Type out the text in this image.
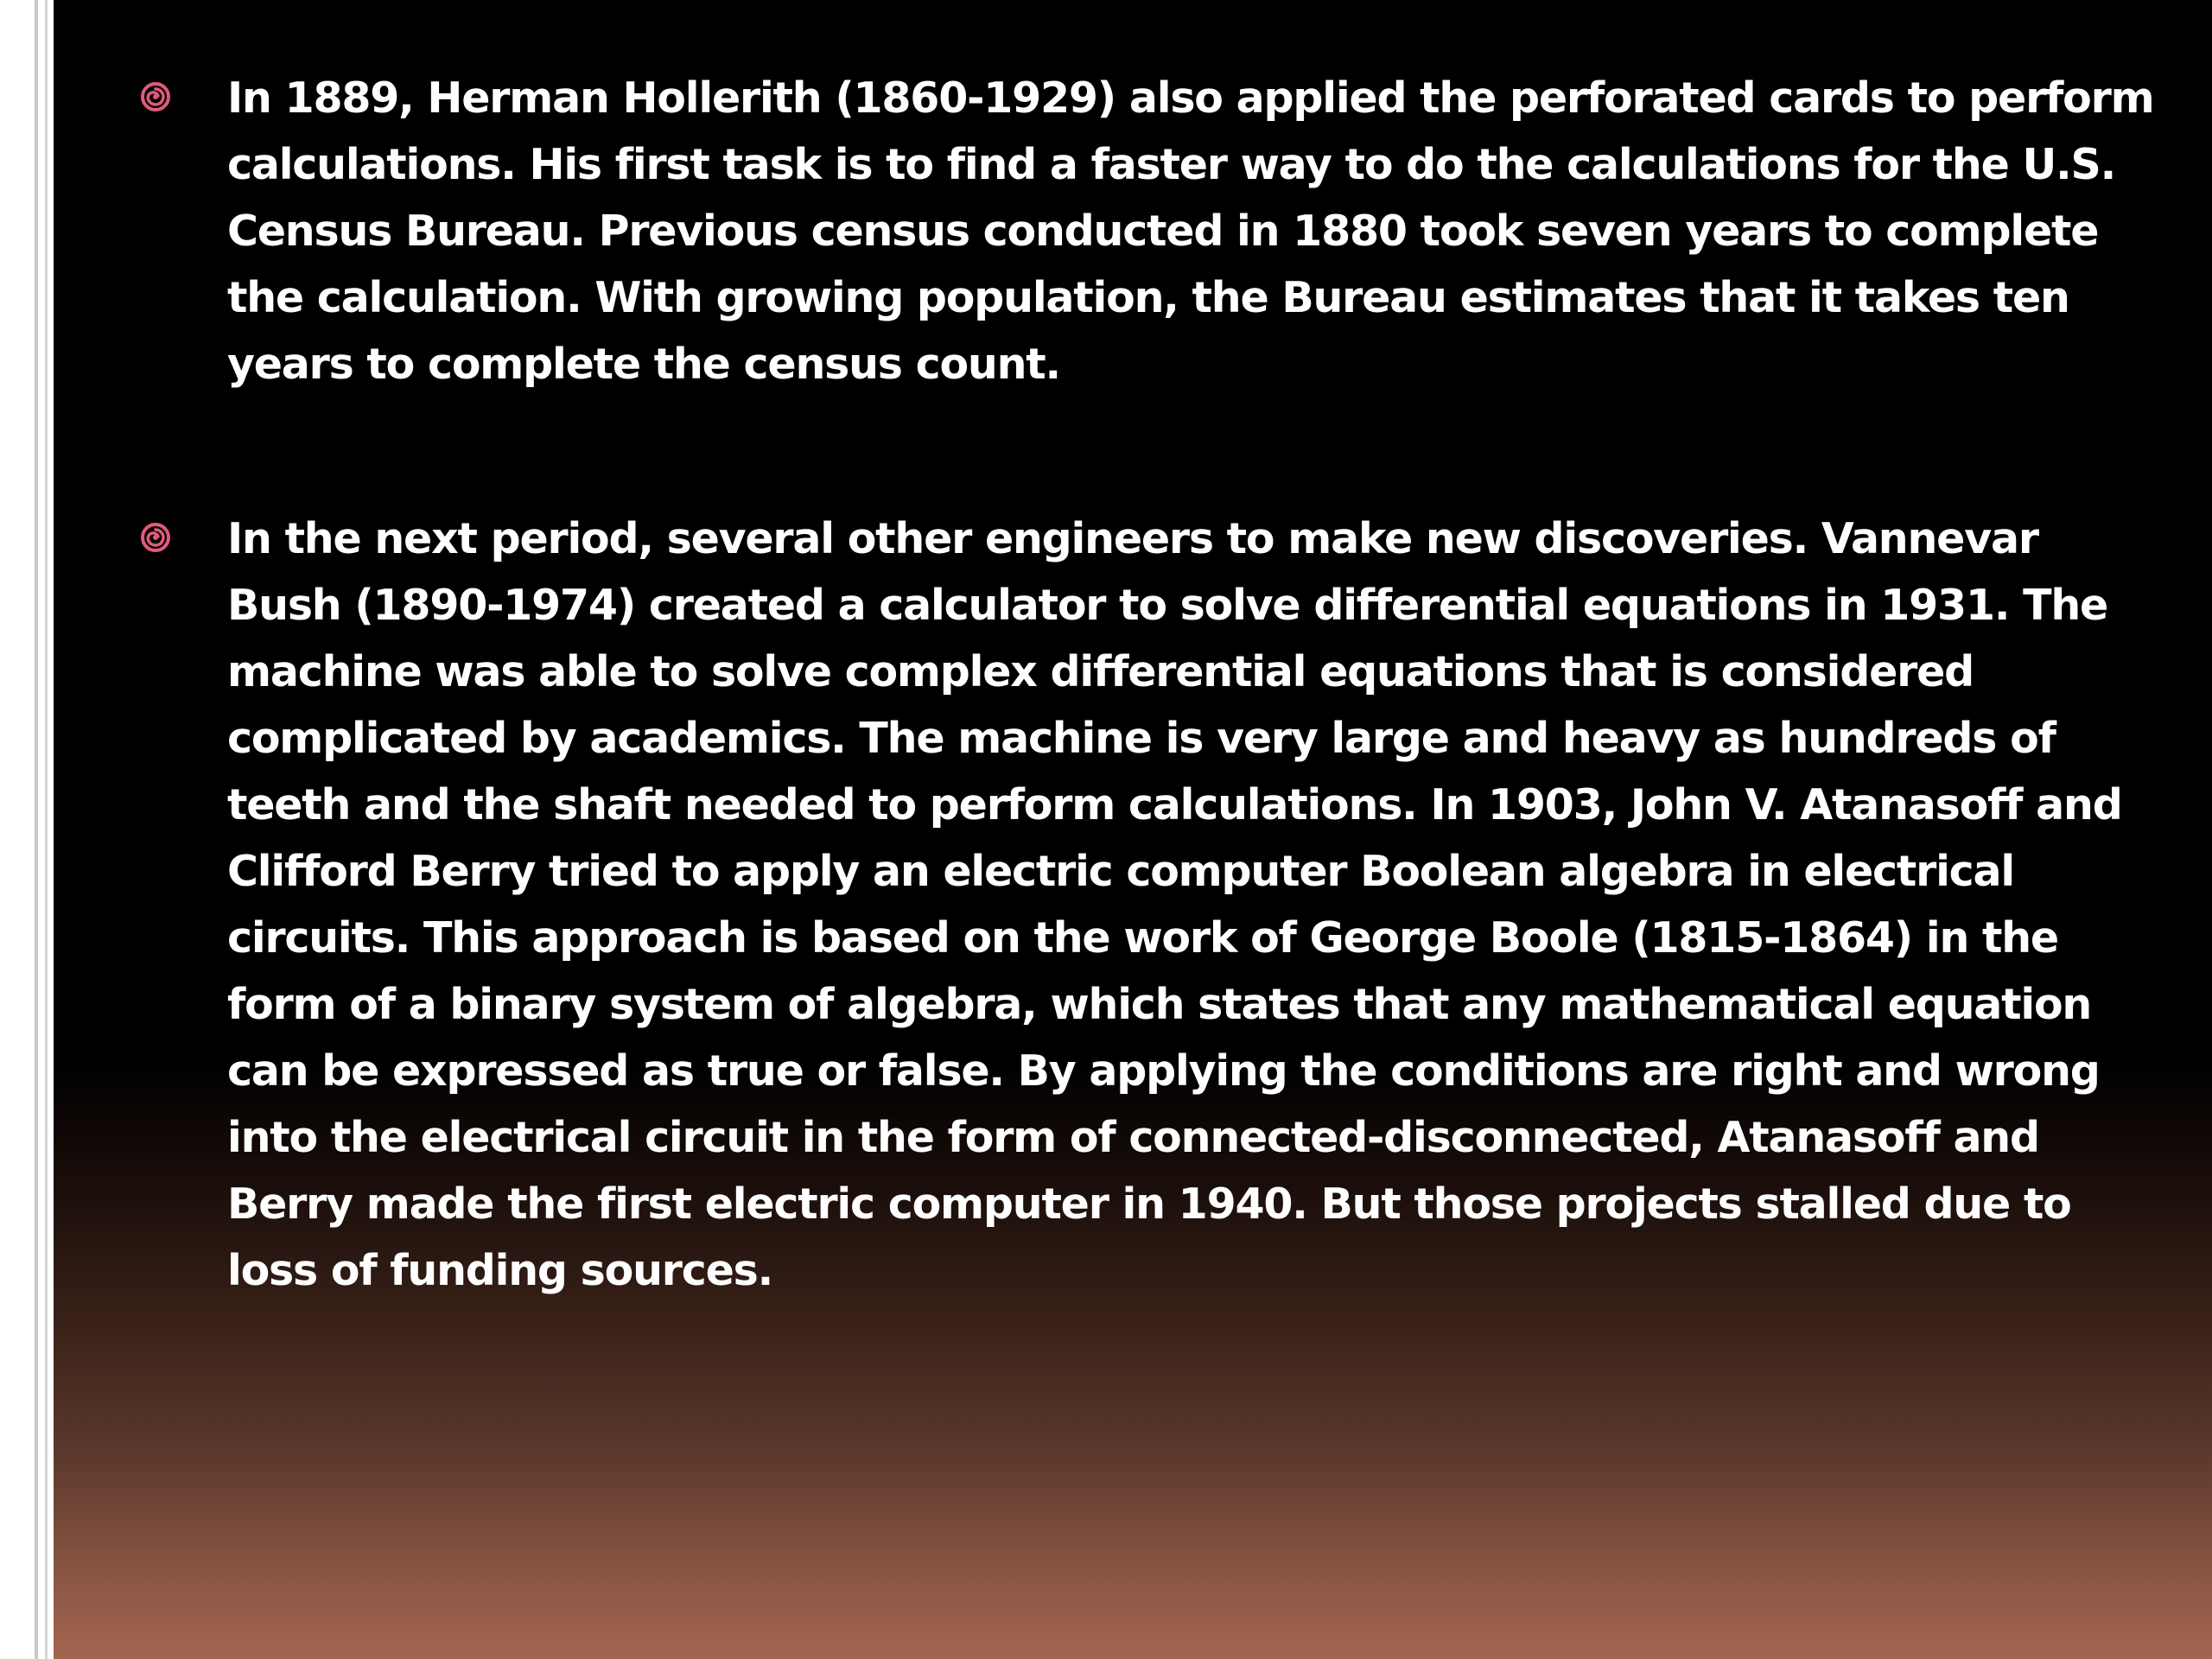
In 1889, Herman Hollerith (1860-1929) also applied the perforated cards to perform calculations. His first task is to find a faster way to do the calculations for the U.S. Census Bureau. Previous census conducted in 1880 took seven years to complete the calculation. With growing population, the Bureau estimates that it takes ten years to complete the census count.

In the next period, several other engineers to make new discoveries. Vannevar Bush (1890-1974) created a calculator to solve differential equations in 1931. The machine was able to solve complex differential equations that is considered complicated by academics. The machine is very large and heavy as hundreds of teeth and the shaft needed to perform calculations. In 1903, John V. Atanasoff and Clifford Berry tried to apply an electric computer Boolean algebra in electrical circuits. This approach is based on the work of George Boole (1815-1864) in the form of a binary system of algebra, which states that any mathematical equation can be expressed as true or false. By applying the conditions are right and wrong into the electrical circuit in the form of connected-disconnected, Atanasoff and Berry made the first electric computer in 1940. But those projects stalled due to loss of funding sources.
